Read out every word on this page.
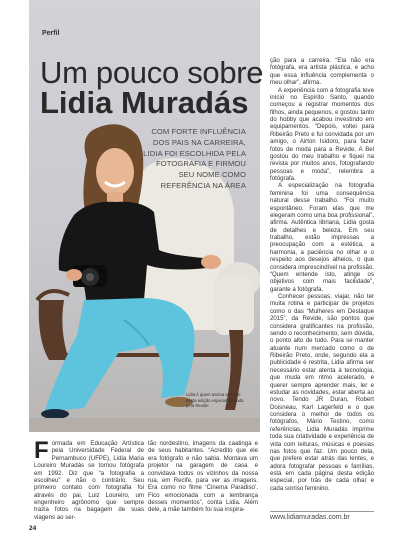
Perfil
Um pouco sobre
Lidia Muradás
COM FORTE INFLUÊNCIA DOS PAIS NA CARREIRA, LIDIA FOI ESCOLHIDA PELA FOTOGRAFIA E FIRMOU SEU NOME COMO REFERÊNCIA NA ÁREA
Lidia é quem assina as fotos desta edição especial lançada pela Revide

Formada em Educação Artística pela Universidade Federal de Pernambuco (UFPE), Lidia Maria Loureiro Muradás se tornou fotógrafa em 1992. Diz que “a fotografia a escolheu” e não o contrário. Seu primeiro contato com fotografia foi através do pai, Luiz Loureiro, um engenheiro agrônomo que sempre trazia fotos na bagagem de suas viagens ao ser-

tão nordestino, imagens da caatinga e de seus habitantes. “Acredito que ele era fotógrafo e não sabia. Montava um projetor na garagem de casa e convidava todos os vizinhos da nossa rua, em Recife, para ver as imagens. Era como no filme ‘Cinema Paradiso’. Fico emocionada com a lembrança desses momentos”, conta Lidia. Além dele, a mãe também foi sua inspira-

ção para a carreira. “Ela não era fotógrafa, era artista plástica, e acho que essa influência complementa o meu olhar”, afirma.

A experiência com a fotografia teve início no Espírito Santo, quando começou a registrar momentos dos filhos, ainda pequenos, e gostou tanto do hobby que acabou investindo em equipamentos. “Depois, voltei para Ribeirão Preto e fui convidada por um amigo, o Airton Isidoro, para fazer fotos de moda para a Revide. A Bel gostou do meu trabalho e fiquei na revista por muitos anos, fotografando pessoas e moda”, relembra a fotógrafa.

A especialização na fotografia feminina foi uma consequência natural desse trabalho. “Foi muito espontâneo. Foram elas que me elegeram como uma boa profissional”, afirma. Autêntica libriana, Lidia gosta de detalhes e beleza. Em seu trabalho, estão impressas a preocupação com a estética, a harmonia, a paciência no olhar e o respeito aos desejos alheios, o que considera imprescindível na profissão. “Quem entende isto, atinge os objetivos com mais facilidade”, garante a fotógrafa.

Conhecer pessoas, viajar, não ter muita rotina e participar de projetos como o das “Mulheres em Destaque 2015”, da Revide, são pontos que considera gratificantes na profissão, sendo o reconhecimento, sem dúvida, o ponto alto de tudo. Para se manter atuante num mercado como o de Ribeirão Preto, onde, segundo ela a publicidade é restrita, Lidia afirma ser necessário estar atenta à tecnologia, que muda em ritmo acelerado, e querer sempre aprender mais, ler e estudar as novidades, estar aberta ao novo. Tendo JR Duran, Robert Doisneau, Karl Lagerfeld e o que considera o melhor de todos os fotógrafos, Mário Testino, como referências, Lidia Muradás imprime toda sua criatividade e experiência de vida com leituras, músicas e poesias nas fotos que faz. Um pouco dela, que prefere estar atrás das lentes, e adora fotografar pessoas e famílias, está em cada página desta edição especial, por trás de cada olhar e cada sorriso feminino.

www.lidiamuradas.com.br
24
